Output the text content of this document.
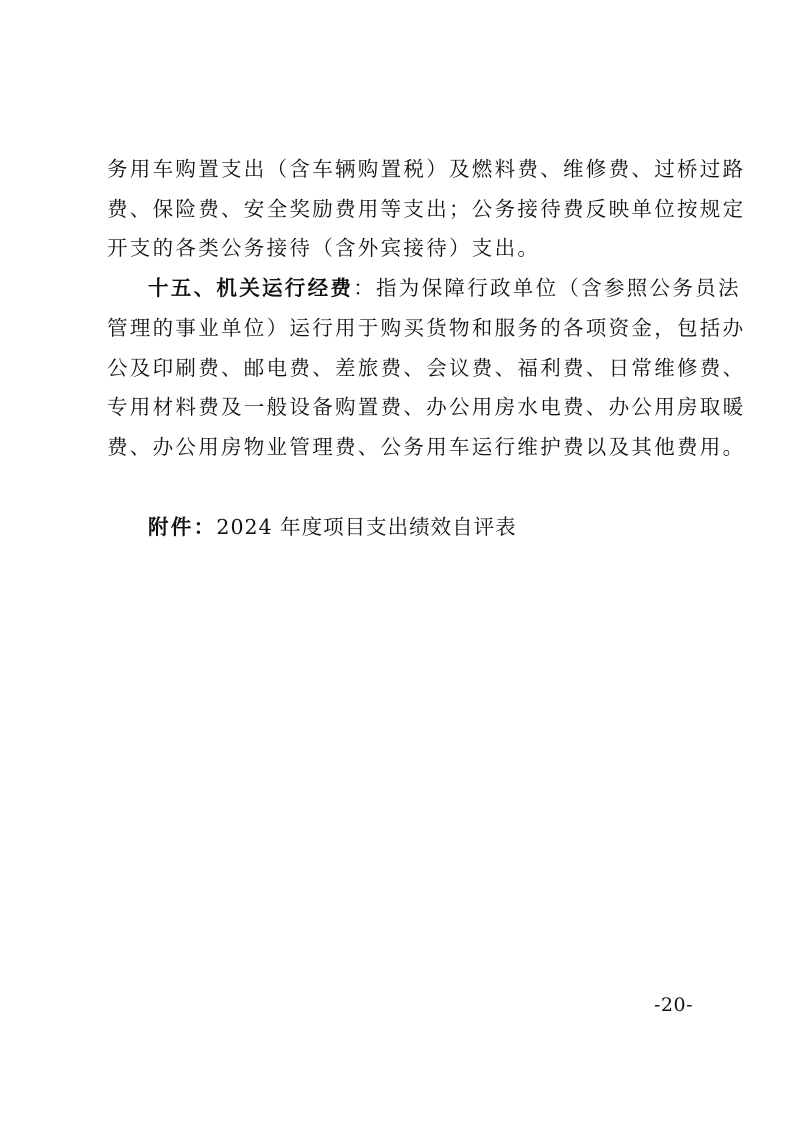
务用车购置支出（含车辆购置税）及燃料费、维修费、过桥过路
费、保险费、安全奖励费用等支出；公务接待费反映单位按规定
开支的各类公务接待（含外宾接待）支出。
十五、机关运行经费：指为保障行政单位（含参照公务员法
管理的事业单位）运行用于购买货物和服务的各项资金，包括办
公及印刷费、邮电费、差旅费、会议费、福利费、日常维修费、
专用材料费及一般设备购置费、办公用房水电费、办公用房取暖
费、办公用房物业管理费、公务用车运行维护费以及其他费用。
附件：2024 年度项目支出绩效自评表
-20-
